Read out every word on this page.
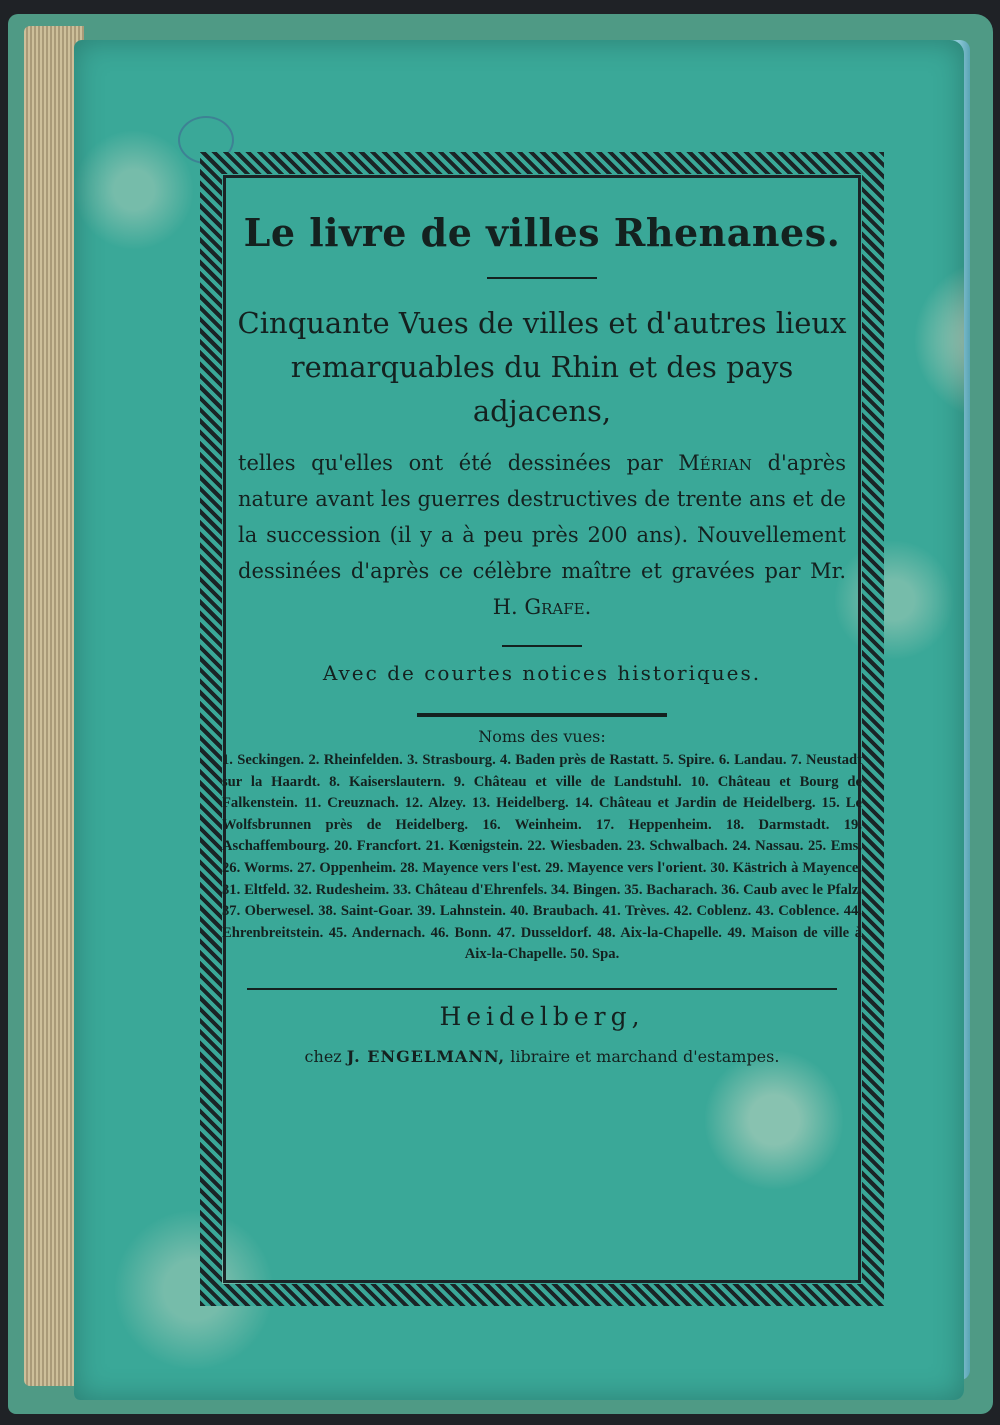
Le livre de villes Rhenanes.

Cinquante Vues de villes et d'autres lieux remarquables du Rhin et des pays adjacens,

telles qu'elles ont été dessinées par Mérian d'après nature avant les guerres destructives de trente ans et de la succession (il y a à peu près 200 ans). Nouvellement dessinées d'après ce célèbre maître et gravées par Mr. H. Grafe.

Avec de courtes notices historiques.

Noms des vues:

1. Seckingen. 2. Rheinfelden. 3. Strasbourg. 4. Baden près de Rastatt. 5. Spire. 6. Landau. 7. Neustadt sur la Haardt. 8. Kaiserslautern. 9. Château et ville de Landstuhl. 10. Château et Bourg de Falkenstein. 11. Creuznach. 12. Alzey. 13. Heidelberg. 14. Château et Jardin de Heidelberg. 15. Le Wolfsbrunnen près de Heidelberg. 16. Weinheim. 17. Heppenheim. 18. Darmstadt. 19. Aschaffembourg. 20. Francfort. 21. Kœnigstein. 22. Wiesbaden. 23. Schwalbach. 24. Nassau. 25. Ems. 26. Worms. 27. Oppenheim. 28. Mayence vers l'est. 29. Mayence vers l'orient. 30. Kästrich à Mayence. 31. Eltfeld. 32. Rudesheim. 33. Château d'Ehrenfels. 34. Bingen. 35. Bacharach. 36. Caub avec le Pfalz. 37. Oberwesel. 38. Saint-Goar. 39. Lahnstein. 40. Braubach. 41. Trèves. 42. Coblenz. 43. Coblence. 44. Ehrenbreitstein. 45. Andernach. 46. Bonn. 47. Dusseldorf. 48. Aix-la-Chapelle. 49. Maison de ville à Aix-la-Chapelle. 50. Spa.

Heidelberg,

chez J. ENGELMANN, libraire et marchand d'estampes.
